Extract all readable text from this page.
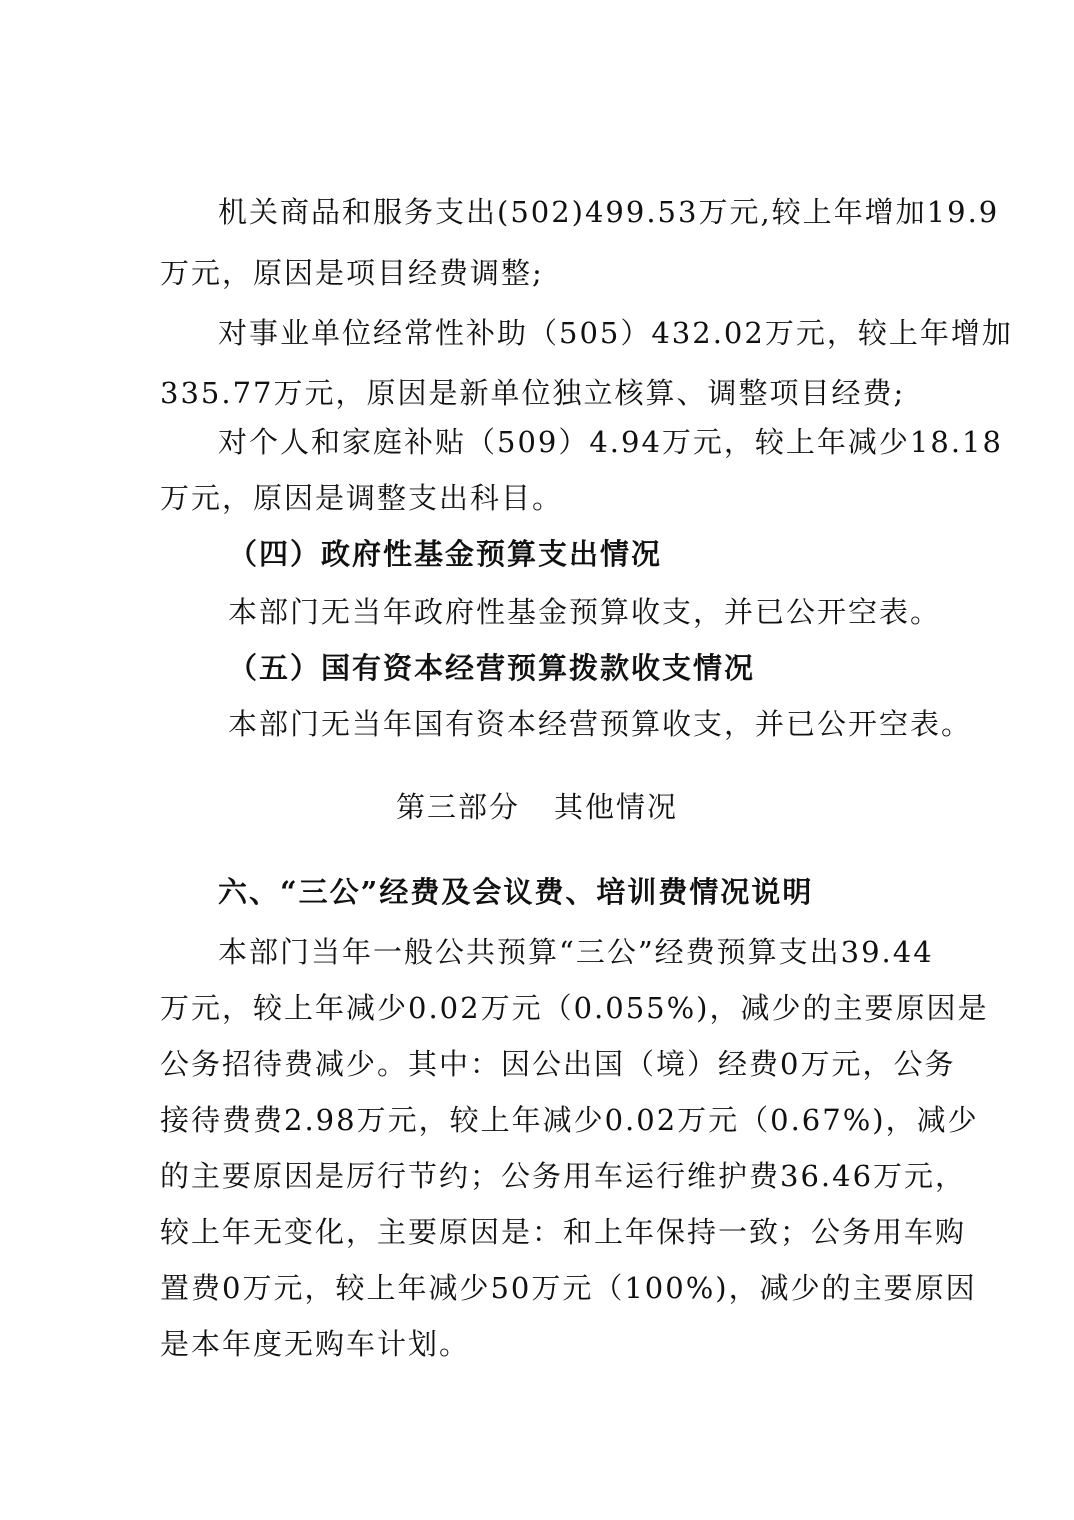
机关商品和服务支出(502)499.53万元,较上年增加19.9
万元，原因是项目经费调整;
对事业单位经常性补助（505）432.02万元，较上年增加
335.77万元，原因是新单位独立核算、调整项目经费;
对个人和家庭补贴（509）4.94万元，较上年减少18.18
万元，原因是调整支出科目。
（四）政府性基金预算支出情况
本部门无当年政府性基金预算收支，并已公开空表。
（五）国有资本经营预算拨款收支情况
本部门无当年国有资本经营预算收支，并已公开空表。
第三部分 其他情况
六、“三公”经费及会议费、培训费情况说明
本部门当年一般公共预算“三公”经费预算支出39.44
万元，较上年减少0.02万元（0.055%)，减少的主要原因是
公务招待费减少。其中：因公出国（境）经费0万元，公务
接待费费2.98万元，较上年减少0.02万元（0.67%)，减少
的主要原因是厉行节约；公务用车运行维护费36.46万元，
较上年无变化，主要原因是：和上年保持一致；公务用车购
置费0万元，较上年减少50万元（100%)，减少的主要原因
是本年度无购车计划。
